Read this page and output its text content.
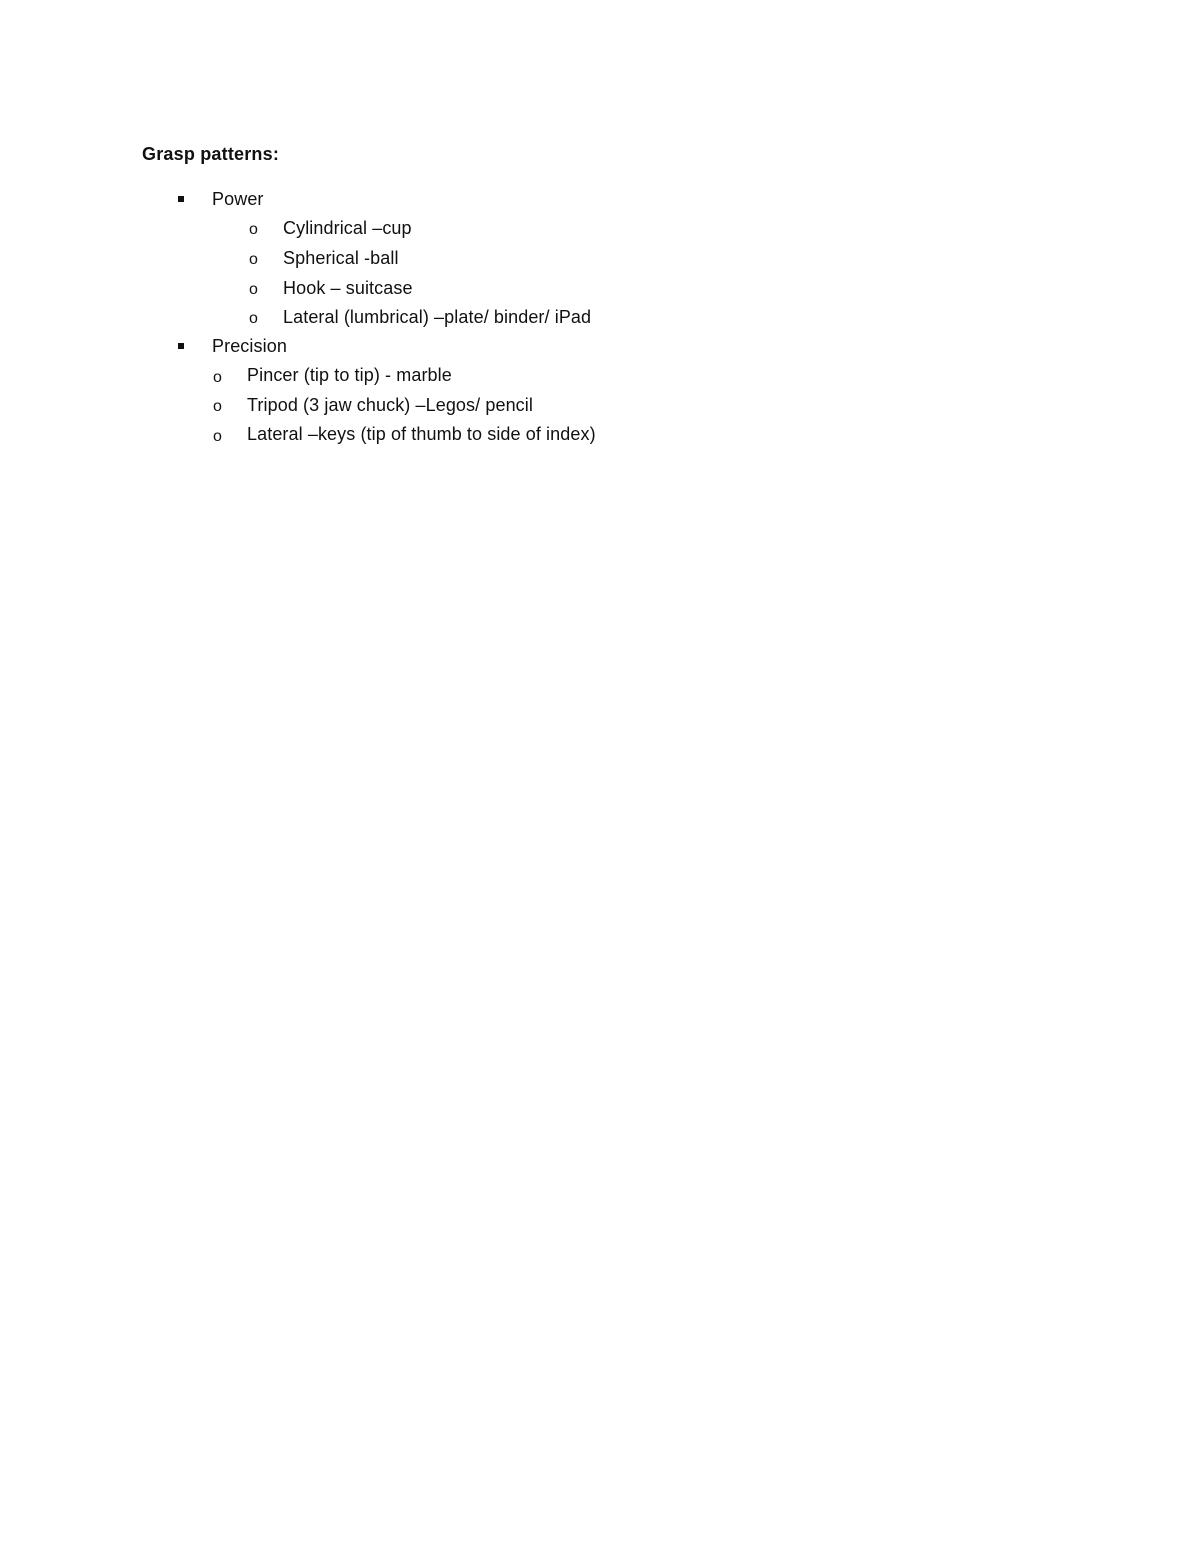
Grasp patterns:
Power
o Cylindrical –cup
o Spherical -ball
o Hook – suitcase
o Lateral (lumbrical) –plate/ binder/ iPad
Precision
o Pincer (tip to tip) - marble
o Tripod (3 jaw chuck) –Legos/ pencil
o Lateral –keys (tip of thumb to side of index)
